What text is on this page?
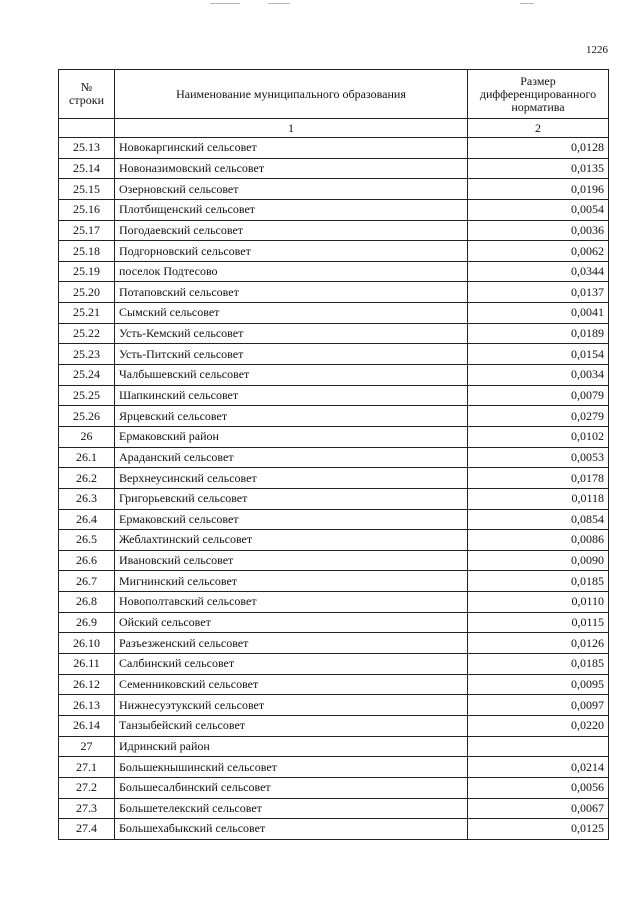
1226
№ строки	Наименование муниципального образования	Размер дифференцированного норматива
	1	2
25.13	Новокаргинский сельсовет	0,0128
25.14	Новоназимовский сельсовет	0,0135
25.15	Озерновский сельсовет	0,0196
25.16	Плотбищенский сельсовет	0,0054
25.17	Погодаевский сельсовет	0,0036
25.18	Подгорновский сельсовет	0,0062
25.19	поселок Подтесово	0,0344
25.20	Потаповский сельсовет	0,0137
25.21	Сымский сельсовет	0,0041
25.22	Усть-Кемский сельсовет	0,0189
25.23	Усть-Питский сельсовет	0,0154
25.24	Чалбышевский сельсовет	0,0034
25.25	Шапкинский сельсовет	0,0079
25.26	Ярцевский сельсовет	0,0279
26	Ермаковский район	0,0102
26.1	Араданский сельсовет	0,0053
26.2	Верхнеусинский сельсовет	0,0178
26.3	Григорьевский сельсовет	0,0118
26.4	Ермаковский сельсовет	0,0854
26.5	Жеблахтинский сельсовет	0,0086
26.6	Ивановский сельсовет	0,0090
26.7	Мигнинский сельсовет	0,0185
26.8	Новополтавский сельсовет	0,0110
26.9	Ойский сельсовет	0,0115
26.10	Разъезженский сельсовет	0,0126
26.11	Салбинский сельсовет	0,0185
26.12	Семенниковский сельсовет	0,0095
26.13	Нижнесуэтукский сельсовет	0,0097
26.14	Танзыбейский сельсовет	0,0220
27	Идринский район	
27.1	Большекнышинский сельсовет	0,0214
27.2	Большесалбинский сельсовет	0,0056
27.3	Большетелекский сельсовет	0,0067
27.4	Большехабыкский сельсовет	0,0125
